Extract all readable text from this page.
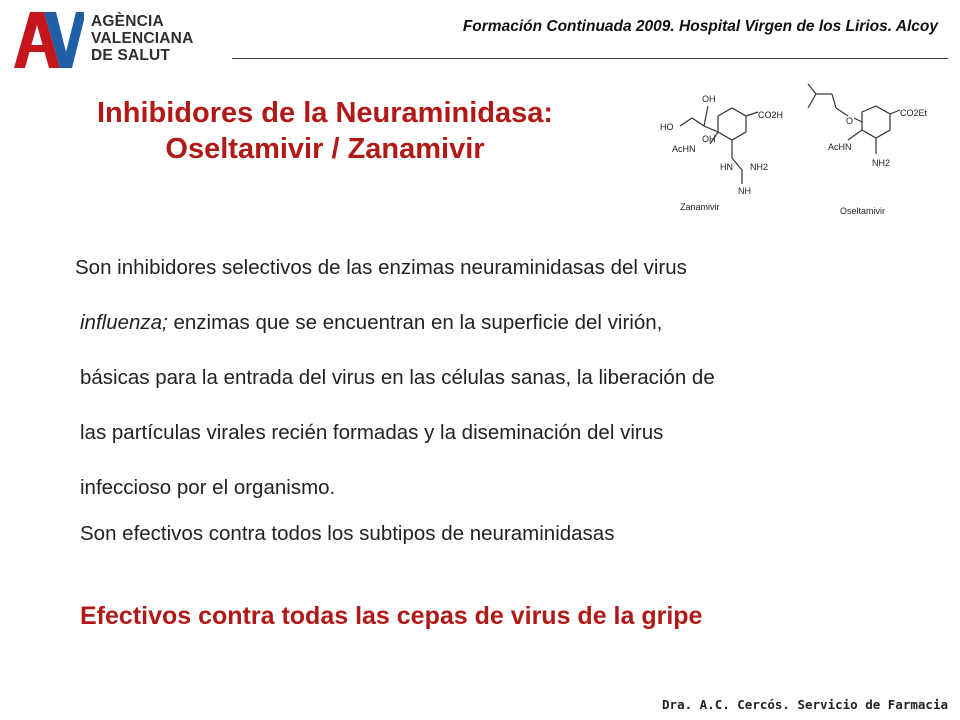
AGÈNCIA
VALENCIANA
DE SALUT
Formación Continuada 2009. Hospital Virgen de los Lirios. Alcoy
Inhibidores de la Neuraminidasa:
Oseltamivir / Zanamivir
OH
HO
CO2H
OH
AcHN
HN NH2
NH
Zanamivir
O
CO2Et
AcHN
NH2
Oseltamivir

Son inhibidores selectivos de las enzimas neuraminidasas del virus

influenza; enzimas que se encuentran en la superficie del virión,

básicas para la entrada del virus en las células sanas, la liberación de

las partículas virales recién formadas y la diseminación del virus

infeccioso por el organismo.

Son efectivos contra todos los subtipos de neuraminidasas
Efectivos contra todas las cepas de virus de la gripe
Dra. A.C. Cercós. Servicio de Farmacia
